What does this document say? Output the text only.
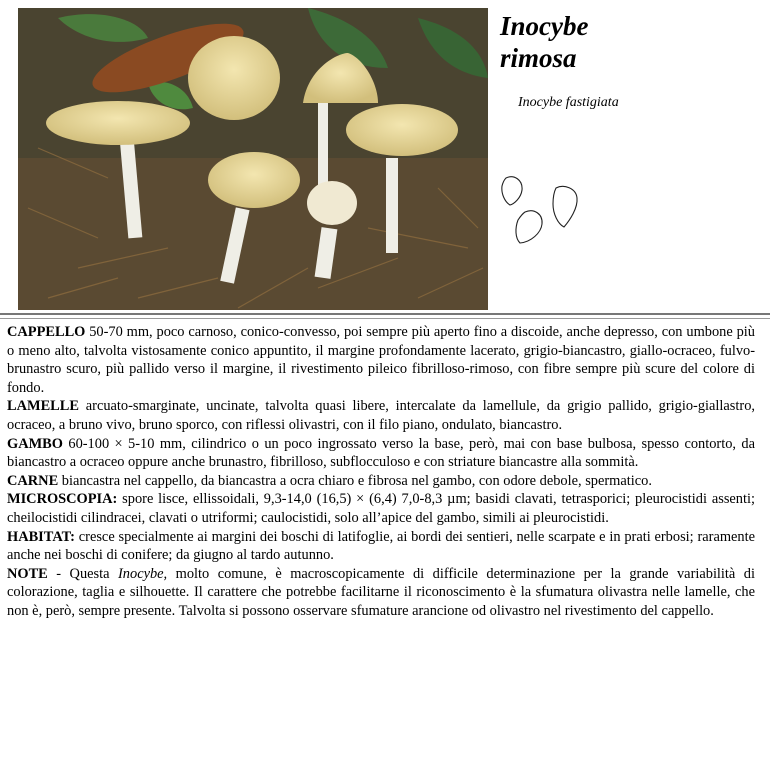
Inocybe
rimosa
Inocybe fastigiata

CAPPELLO 50-70 mm, poco carnoso, conico-convesso, poi sempre più aperto fino a discoide, anche depresso, con umbone più o meno alto, talvolta vistosamente conico appuntito, il margine profondamente lacerato, grigio-biancastro, giallo-ocraceo, fulvo-brunastro scuro, più pallido verso il margine, il rivestimento pileico fibrilloso-rimoso, con fibre sempre più scure del colore di fondo.

LAMELLE arcuato-smarginate, uncinate, talvolta quasi libere, intercalate da lamellule, da grigio pallido, grigio-giallastro, ocraceo, a bruno vivo, bruno sporco, con riflessi olivastri, con il filo piano, ondulato, biancastro.

GAMBO 60-100 × 5-10 mm, cilindrico o un poco ingrossato verso la base, però, mai con base bulbosa, spesso contorto, da biancastro a ocraceo oppure anche brunastro, fibrilloso, subflocculoso e con striature biancastre alla sommità.

CARNE biancastra nel cappello, da biancastra a ocra chiaro e fibrosa nel gambo, con odore debole, spermatico.

MICROSCOPIA: spore lisce, ellissoidali, 9,3-14,0 (16,5) × (6,4) 7,0-8,3 µm; basidi clavati, tetrasporici; pleurocistidi assenti; cheilocistidi cilindracei, clavati o utriformi; caulocistidi, solo all’apice del gambo, simili ai pleurocistidi.

HABITAT: cresce specialmente ai margini dei boschi di latifoglie, ai bordi dei sentieri, nelle scarpate e in prati erbosi; raramente anche nei boschi di conifere; da giugno al tardo autunno.

NOTE - Questa Inocybe, molto comune, è macroscopicamente di difficile determinazione per la grande variabilità di colorazione, taglia e silhouette. Il carattere che potrebbe facilitarne il riconoscimento è la sfumatura olivastra nelle lamelle, che non è, però, sempre presente. Talvolta si possono osservare sfumature arancione od olivastro nel rivestimento del cappello.
